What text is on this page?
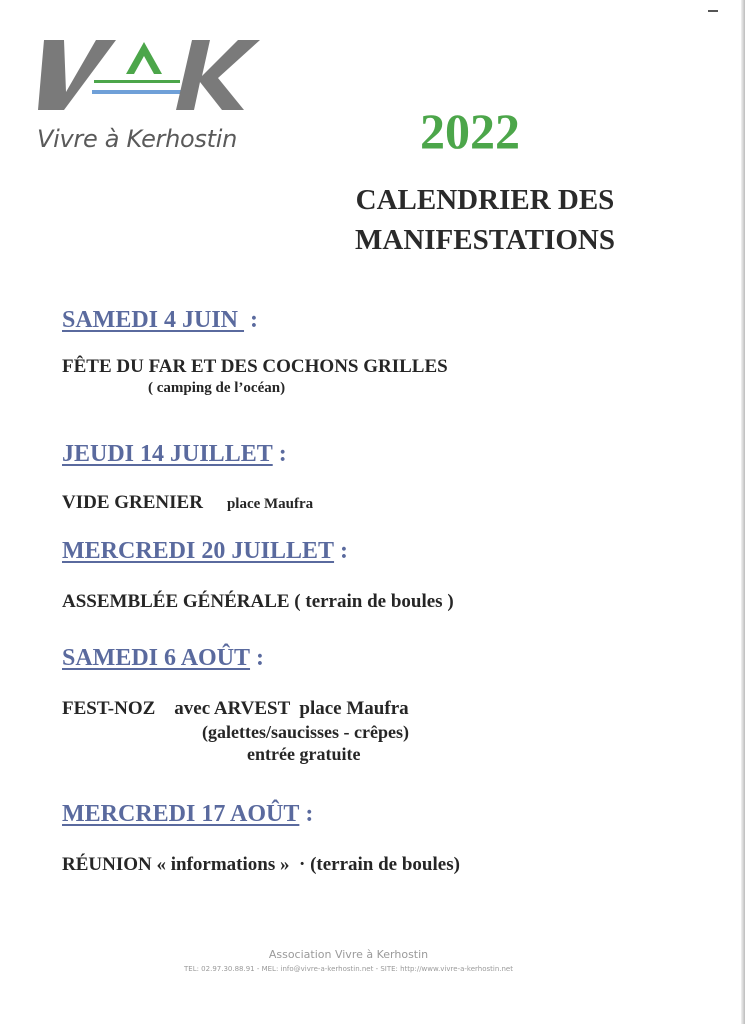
Vivre à Kerhostin	2022
CALENDRIER DES
MANIFESTATIONS
SAMEDI 4 JUIN :
FÊTE DU FAR ET DES COCHONS GRILLES
( camping de l’océan)
JEUDI 14 JUILLET :
VIDE GRENIER place Maufra
MERCREDI 20 JUILLET :
ASSEMBLÉE GÉNÉRALE ( terrain de boules )
SAMEDI 6 AOÛT :
FEST-NOZ    avec ARVEST  place Maufra
(galettes/saucisses - crêpes)
entrée gratuite
MERCREDI 17 AOÛT :
RÉUNION « informations »  · (terrain de boules)
Association Vivre à Kerhostin
TEL: 02.97.30.88.91 - MEL: info@vivre-a-kerhostin.net - SITE: http://www.vivre-a-kerhostin.net
